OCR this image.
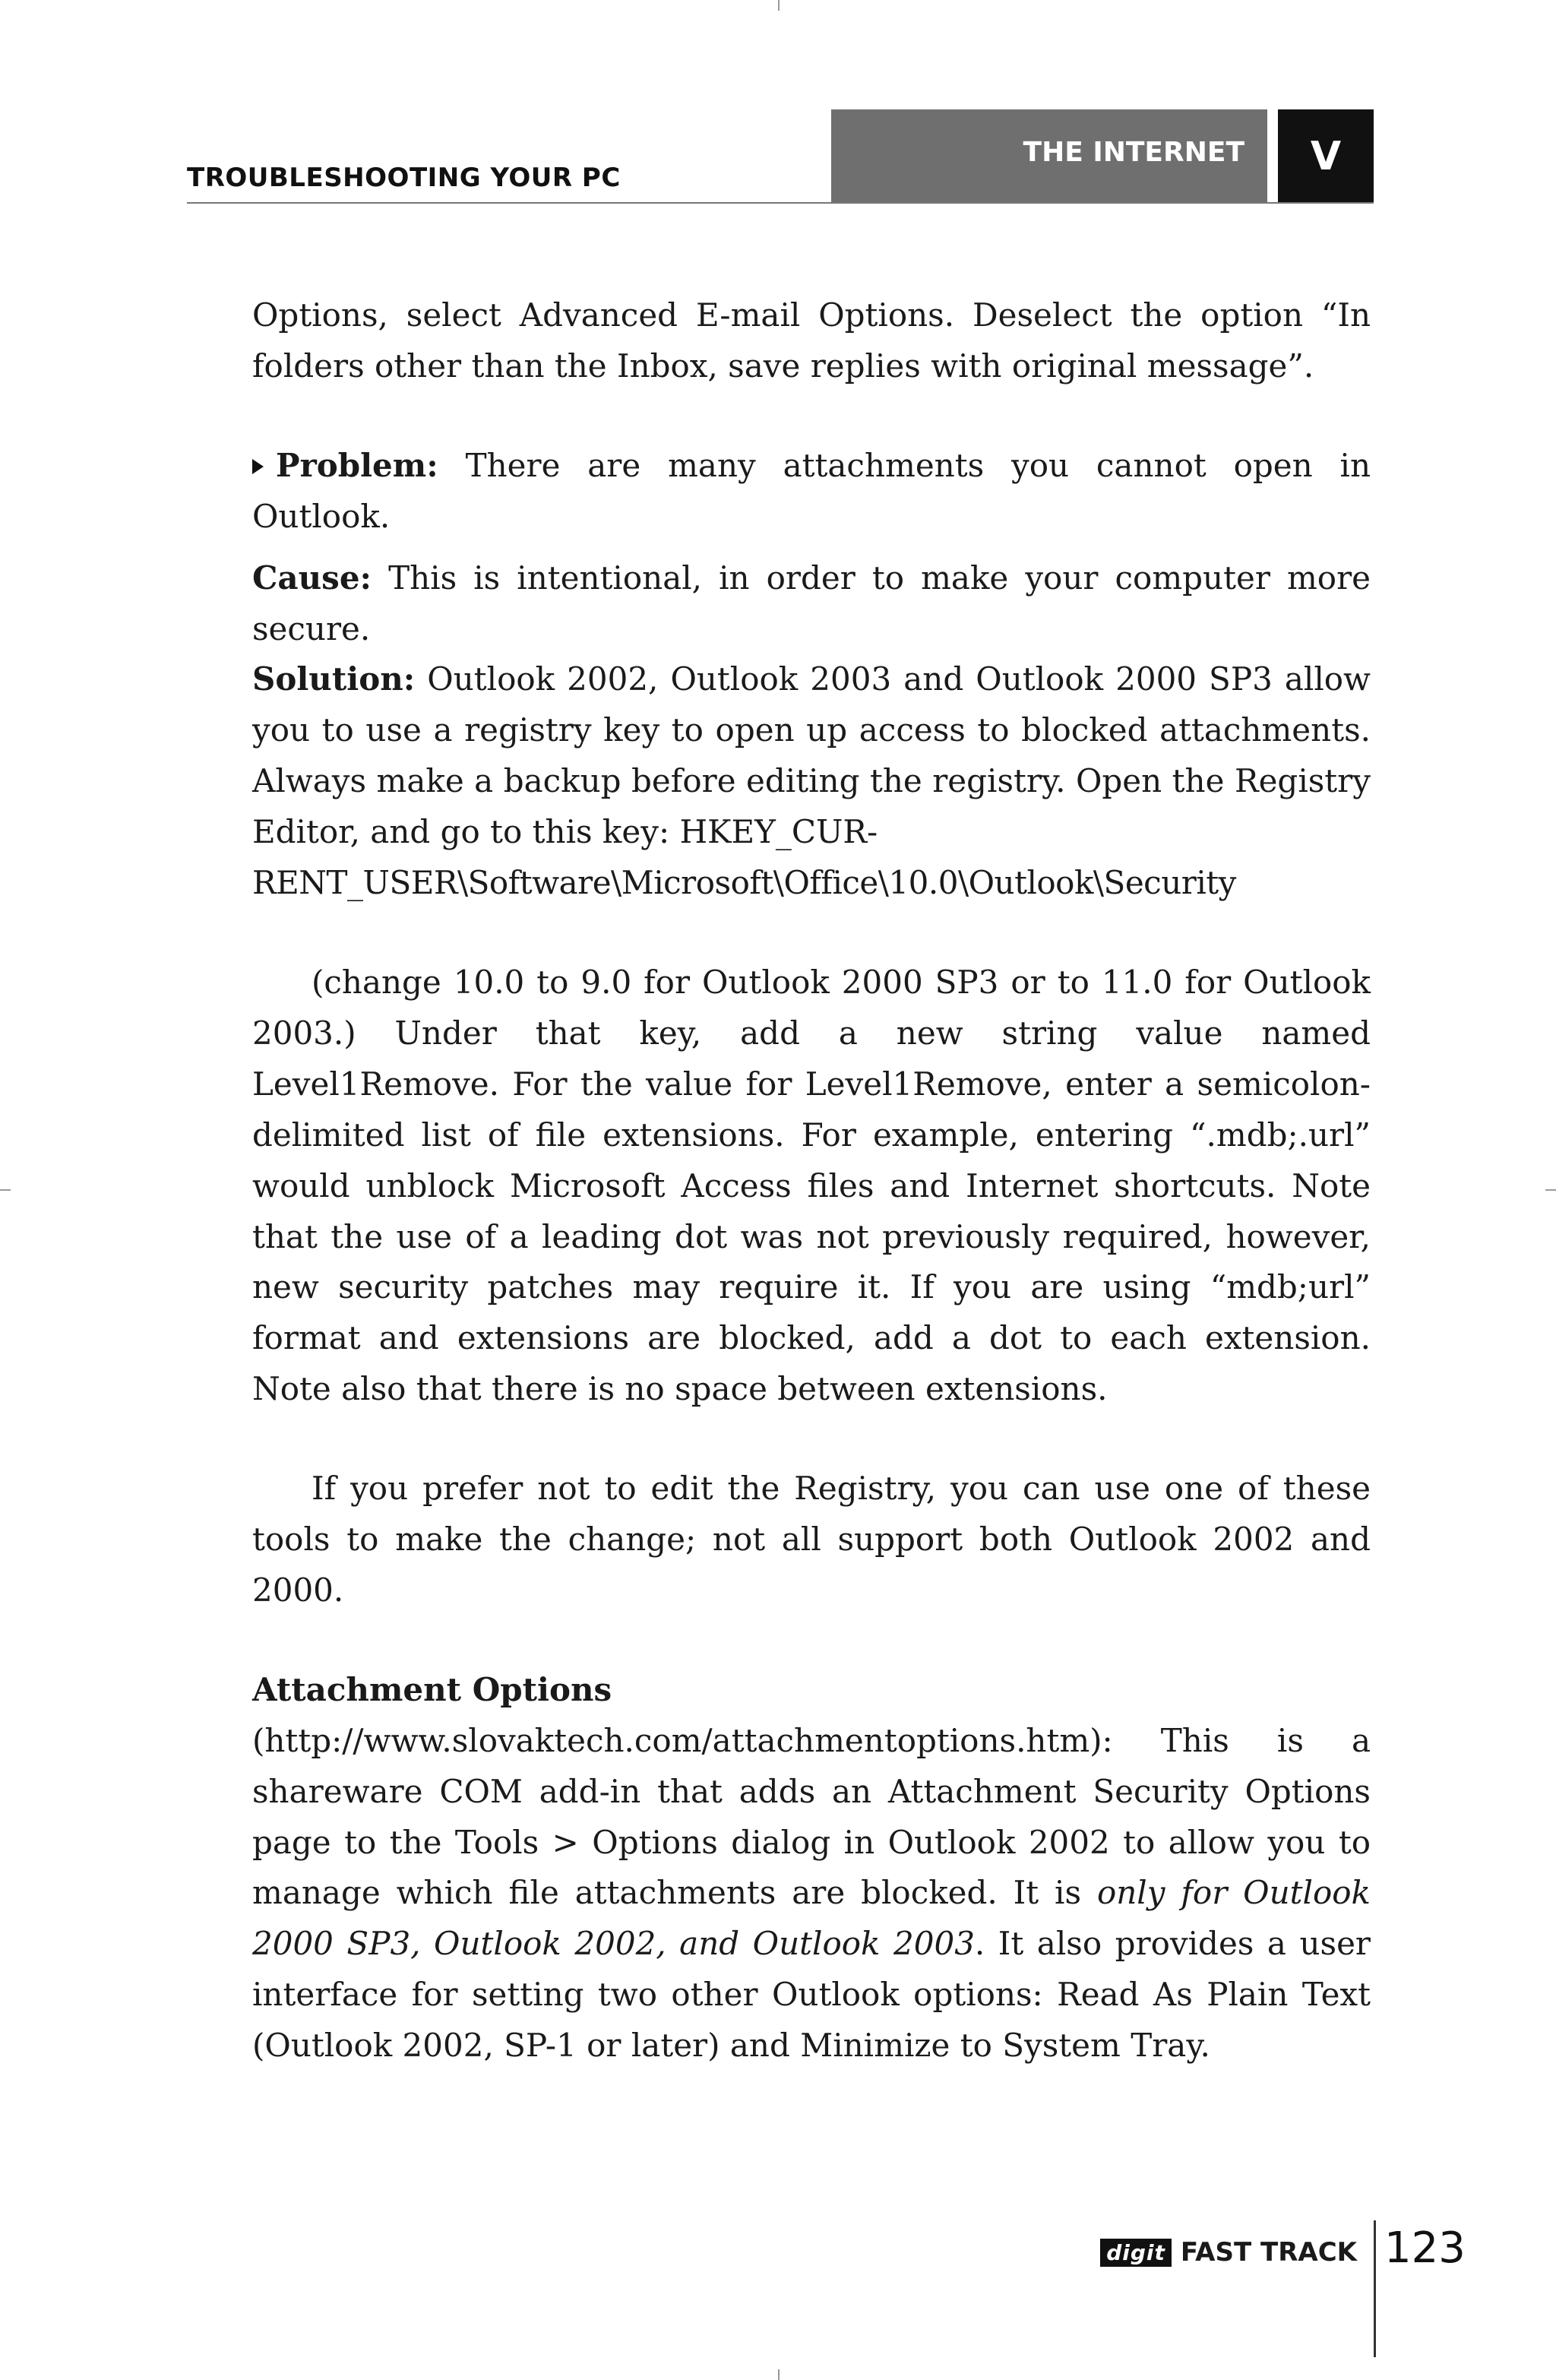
TROUBLESHOOTING YOUR PC
THE INTERNET	V

Options, select Advanced E-mail Options. Deselect the option “In folders other than the Inbox, save replies with original message”.

Problem: There are many attachments you cannot open in Outlook.

Cause: This is intentional, in order to make your computer more secure.

Solution: Outlook 2002, Outlook 2003 and Outlook 2000 SP3 allow you to use a registry key to open up access to blocked attachments. Always make a backup before editing the registry. Open the Registry Editor, and go to this key: HKEY_CUR-

RENT_USER\Software\Microsoft\Office\10.0\Outlook\Security

(change 10.0 to 9.0 for Outlook 2000 SP3 or to 11.0 for Outlook 2003.) Under that key, add a new string value named Level1Remove. For the value for Level1Remove, enter a semicolon-delimited list of file extensions. For example, entering “.mdb;.url” would unblock Microsoft Access files and Internet shortcuts. Note that the use of a leading dot was not previously required, however, new security patches may require it. If you are using “mdb;url” format and extensions are blocked, add a dot to each extension. Note also that there is no space between extensions.

If you prefer not to edit the Registry, you can use one of these tools to make the change; not all support both Outlook 2002 and 2000.

Attachment Options

(http://www.slovaktech.com/attachmentoptions.htm): This is a shareware COM add-in that adds an Attachment Security Options page to the Tools > Options dialog in Outlook 2002 to allow you to manage which file attachments are blocked. It is only for Outlook 2000 SP3, Outlook 2002, and Outlook 2003. It also provides a user interface for setting two other Outlook options: Read As Plain Text (Outlook 2002, SP-1 or later) and Minimize to System Tray.

digit FAST TRACK 123
